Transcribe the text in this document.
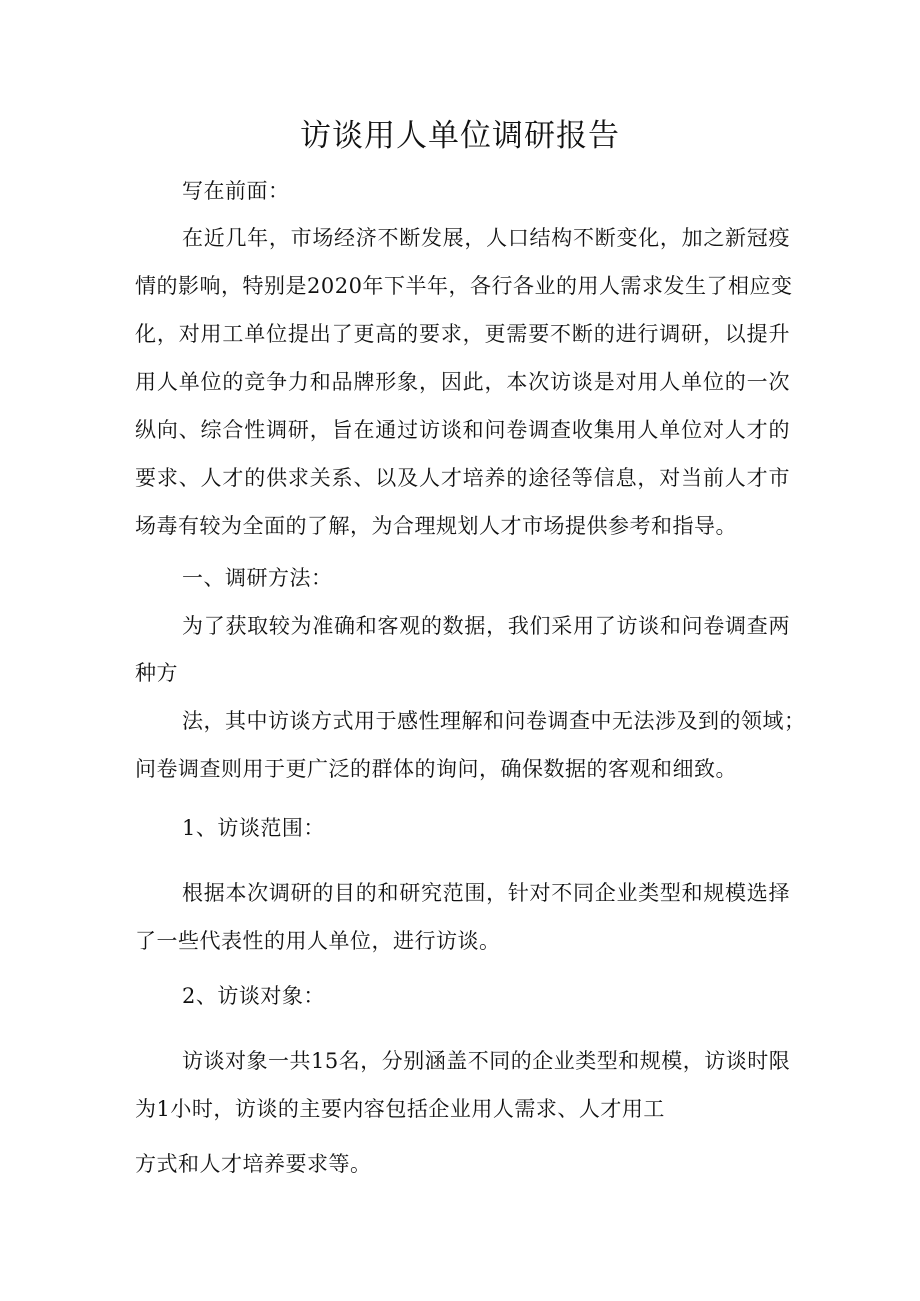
访谈用人单位调研报告
写在前面：
在近几年，市场经济不断发展，人口结构不断变化，加之新冠疫
情的影响，特别是2020年下半年，各行各业的用人需求发生了相应变
化，对用工单位提出了更高的要求，更需要不断的进行调研，以提升
用人单位的竞争力和品牌形象，因此，本次访谈是对用人单位的一次
纵向、综合性调研，旨在通过访谈和问卷调查收集用人单位对人才的
要求、人才的供求关系、以及人才培养的途径等信息，对当前人才市
场毒有较为全面的了解，为合理规划人才市场提供参考和指导。
一、调研方法：
为了获取较为准确和客观的数据，我们采用了访谈和问卷调查两
种方
法，其中访谈方式用于感性理解和问卷调查中无法涉及到的领域；
问卷调查则用于更广泛的群体的询问，确保数据的客观和细致。
1、访谈范围：
根据本次调研的目的和研究范围，针对不同企业类型和规模选择
了一些代表性的用人单位，进行访谈。
2、访谈对象：
访谈对象一共15名，分别涵盖不同的企业类型和规模，访谈时限
为1小时，访谈的主要内容包括企业用人需求、人才用工
方式和人才培养要求等。
